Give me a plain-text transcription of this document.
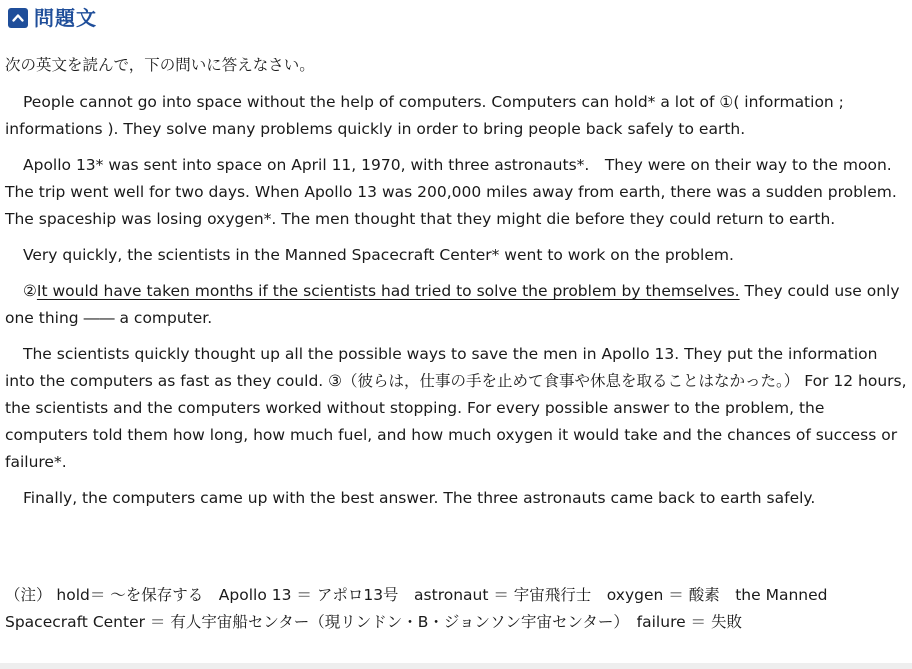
問題文

次の英文を読んで，下の問いに答えなさい。

People cannot go into space without the help of computers. Computers can hold* a lot of ①( information ; informations ). They solve many problems quickly in order to bring people back safely to earth.

Apollo 13* was sent into space on April 11, 1970, with three astronauts*.　They were on their way to the moon. The trip went well for two days. When Apollo 13 was 200,000 miles away from earth, there was a sudden problem. The spaceship was losing oxygen*. The men thought that they might die before they could return to earth.

Very quickly, the scientists in the Manned Spacecraft Center* went to work on the problem.

②It would have taken months if the scientists had tried to solve the problem by themselves. They could use only one thing ―― a computer.

The scientists quickly thought up all the possible ways to save the men in Apollo 13. They put the information into the computers as fast as they could. ③（彼らは，仕事の手を止めて食事や休息を取ることはなかった。） For 12 hours, the scientists and the computers worked without stopping. For every possible answer to the problem, the computers told them how long, how much fuel, and how much oxygen it would take and the chances of success or failure*.

Finally, the computers came up with the best answer. The three astronauts came back to earth safely.

（注） hold＝ ～を保存する　Apollo 13 ＝ アポロ13号　astronaut ＝ 宇宙飛行士　oxygen ＝ 酸素　the Manned Spacecraft Center ＝ 有人宇宙船センター（現リンドン・B・ジョンソン宇宙センター）　failure ＝ 失敗
